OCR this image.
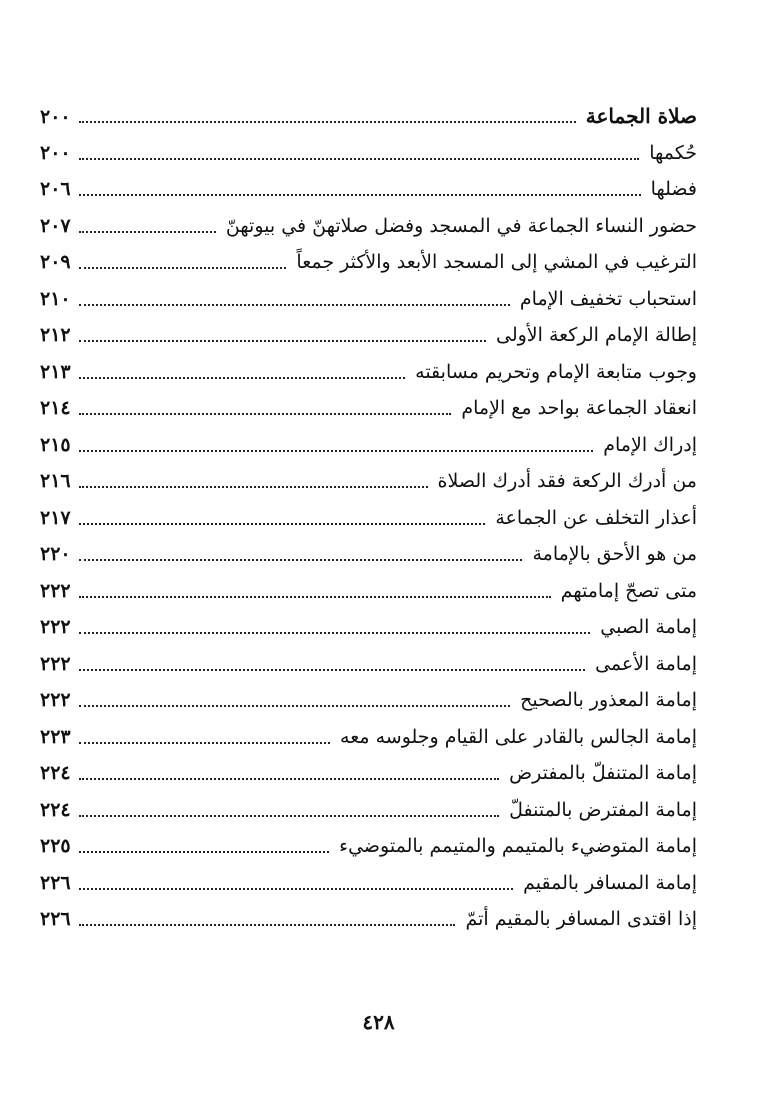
صلاة الجماعة
٢٠٠
حُكمها
٢٠٠
فضلها
٢٠٦
حضور النساء الجماعة في المسجد وفضل صلاتهنّ في بيوتهنّ
٢٠٧
الترغيب في المشي إلى المسجد الأبعد والأكثر جمعاً
٢٠٩
استحباب تخفيف الإمام
٢١٠
إطالة الإمام الركعة الأولى
٢١٢
وجوب متابعة الإمام وتحريم مسابقته
٢١٣
انعقاد الجماعة بواحد مع الإمام
٢١٤
إدراك الإمام
٢١٥
من أدرك الركعة فقد أدرك الصلاة
٢١٦
أعذار التخلف عن الجماعة
٢١٧
من هو الأحق بالإمامة
٢٢٠
متى تصحّ إمامتهم
٢٢٢
إمامة الصبي
٢٢٢
إمامة الأعمى
٢٢٢
إمامة المعذور بالصحيح
٢٢٢
إمامة الجالس بالقادر على القيام وجلوسه معه
٢٢٣
إمامة المتنفلّ بالمفترض
٢٢٤
إمامة المفترض بالمتنفلّ
٢٢٤
إمامة المتوضيء بالمتيمم والمتيمم بالمتوضيء
٢٢٥
إمامة المسافر بالمقيم
٢٢٦
إذا اقتدى المسافر بالمقيم أتمّ
٢٢٦
٤٢٨
